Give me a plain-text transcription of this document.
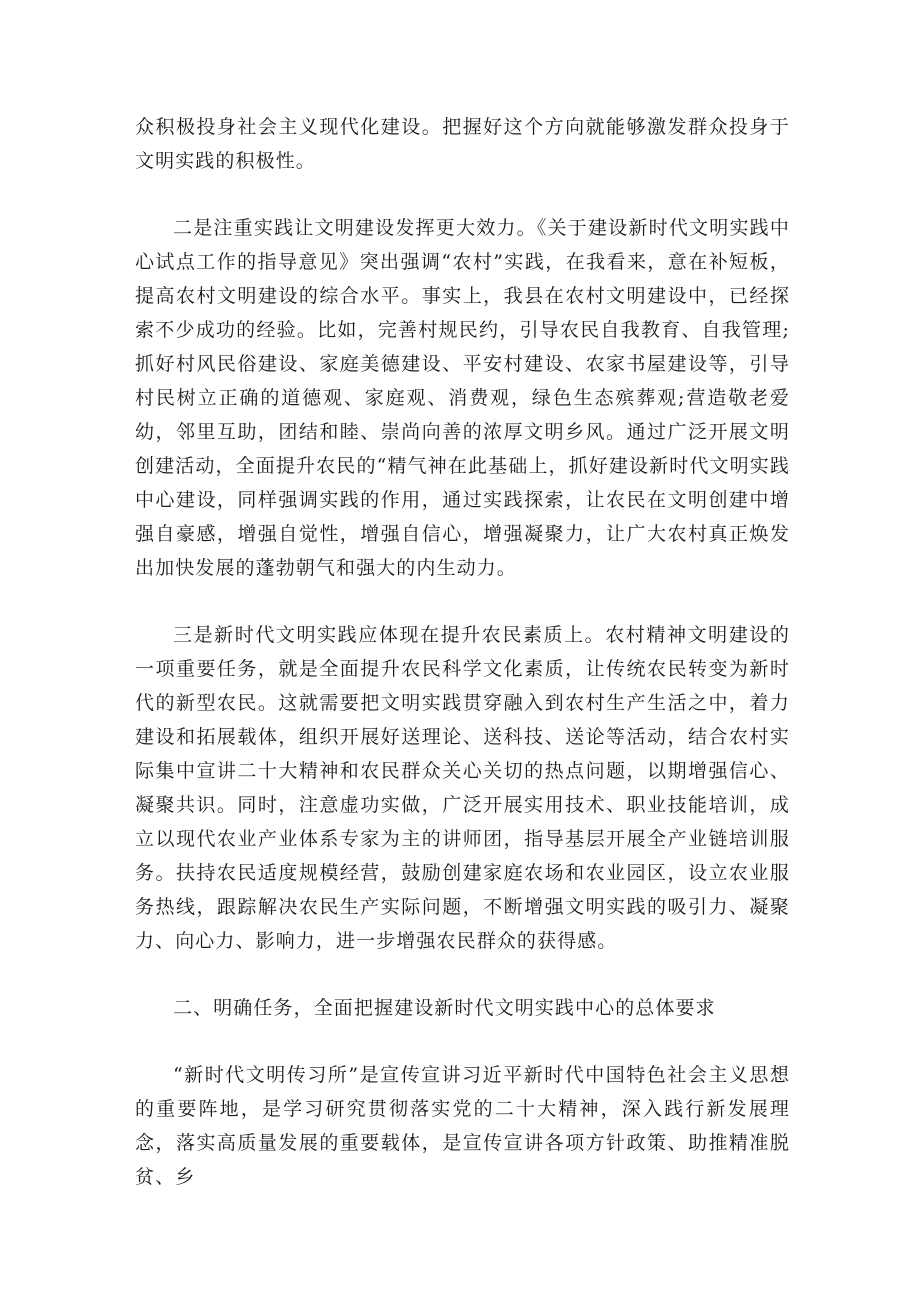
众积极投身社会主义现代化建设。把握好这个方向就能够激发群众投身于文明实践的积极性。

二是注重实践让文明建设发挥更大效力。《关于建设新时代文明实践中心试点工作的指导意见》突出强调“农村”实践，在我看来，意在补短板，提高农村文明建设的综合水平。事实上，我县在农村文明建设中，已经探索不少成功的经验。比如，完善村规民约，引导农民自我教育、自我管理;抓好村风民俗建设、家庭美德建设、平安村建设、农家书屋建设等，引导村民树立正确的道德观、家庭观、消费观，绿色生态殡葬观;营造敬老爱幼，邻里互助，团结和睦、崇尚向善的浓厚文明乡风。通过广泛开展文明创建活动，全面提升农民的“精气神在此基础上，抓好建设新时代文明实践中心建设，同样强调实践的作用，通过实践探索，让农民在文明创建中增强自豪感，增强自觉性，增强自信心，增强凝聚力，让广大农村真正焕发出加快发展的蓬勃朝气和强大的内生动力。

三是新时代文明实践应体现在提升农民素质上。农村精神文明建设的一项重要任务，就是全面提升农民科学文化素质，让传统农民转变为新时代的新型农民。这就需要把文明实践贯穿融入到农村生产生活之中，着力建设和拓展载体，组织开展好送理论、送科技、送论等活动，结合农村实际集中宣讲二十大精神和农民群众关心关切的热点问题，以期增强信心、凝聚共识。同时，注意虚功实做，广泛开展实用技术、职业技能培训，成立以现代农业产业体系专家为主的讲师团，指导基层开展全产业链培训服务。扶持农民适度规模经营，鼓励创建家庭农场和农业园区，设立农业服务热线，跟踪解决农民生产实际问题，不断增强文明实践的吸引力、凝聚力、向心力、影响力，进一步增强农民群众的获得感。

二、明确任务，全面把握建设新时代文明实践中心的总体要求

“新时代文明传习所”是宣传宣讲习近平新时代中国特色社会主义思想的重要阵地，是学习研究贯彻落实党的二十大精神，深入践行新发展理念，落实高质量发展的重要载体，是宣传宣讲各项方针政策、助推精准脱贫、乡
